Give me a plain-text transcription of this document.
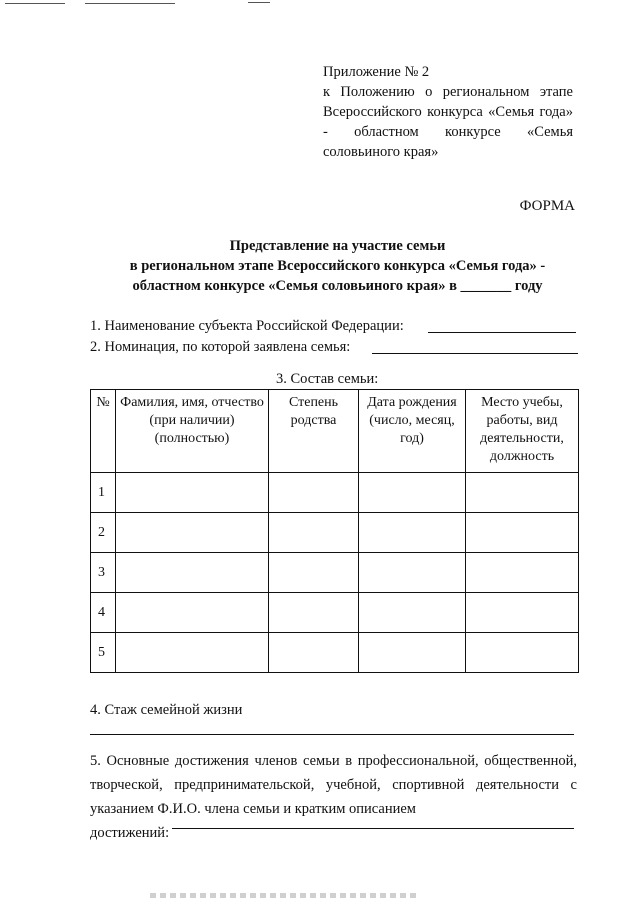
Приложение № 2
к Положению о региональном этапе Всероссийского конкурса «Семья года» - областном конкурсе «Семья соловьиного края»
ФОРМА
Представление на участие семьи
в региональном этапе Всероссийского конкурса «Семья года» -
областном конкурсе «Семья соловьиного края» в _______ году
1. Наименование субъекта Российской Федерации:
2. Номинация, по которой заявлена семья:
3. Состав семьи:
№	Фамилия, имя, отчество (при наличии) (полностью)	Степень родства	Дата рождения (число, месяц, год)	Место учебы, работы, вид деятельности, должность
1				
2				
3				
4				
5				
4. Стаж семейной жизни
5. Основные достижения членов семьи в профессиональной, общественной, творческой, предпринимательской, учебной, спортивной деятельности с указанием Ф.И.О. члена семьи и кратким описанием
достижений:
